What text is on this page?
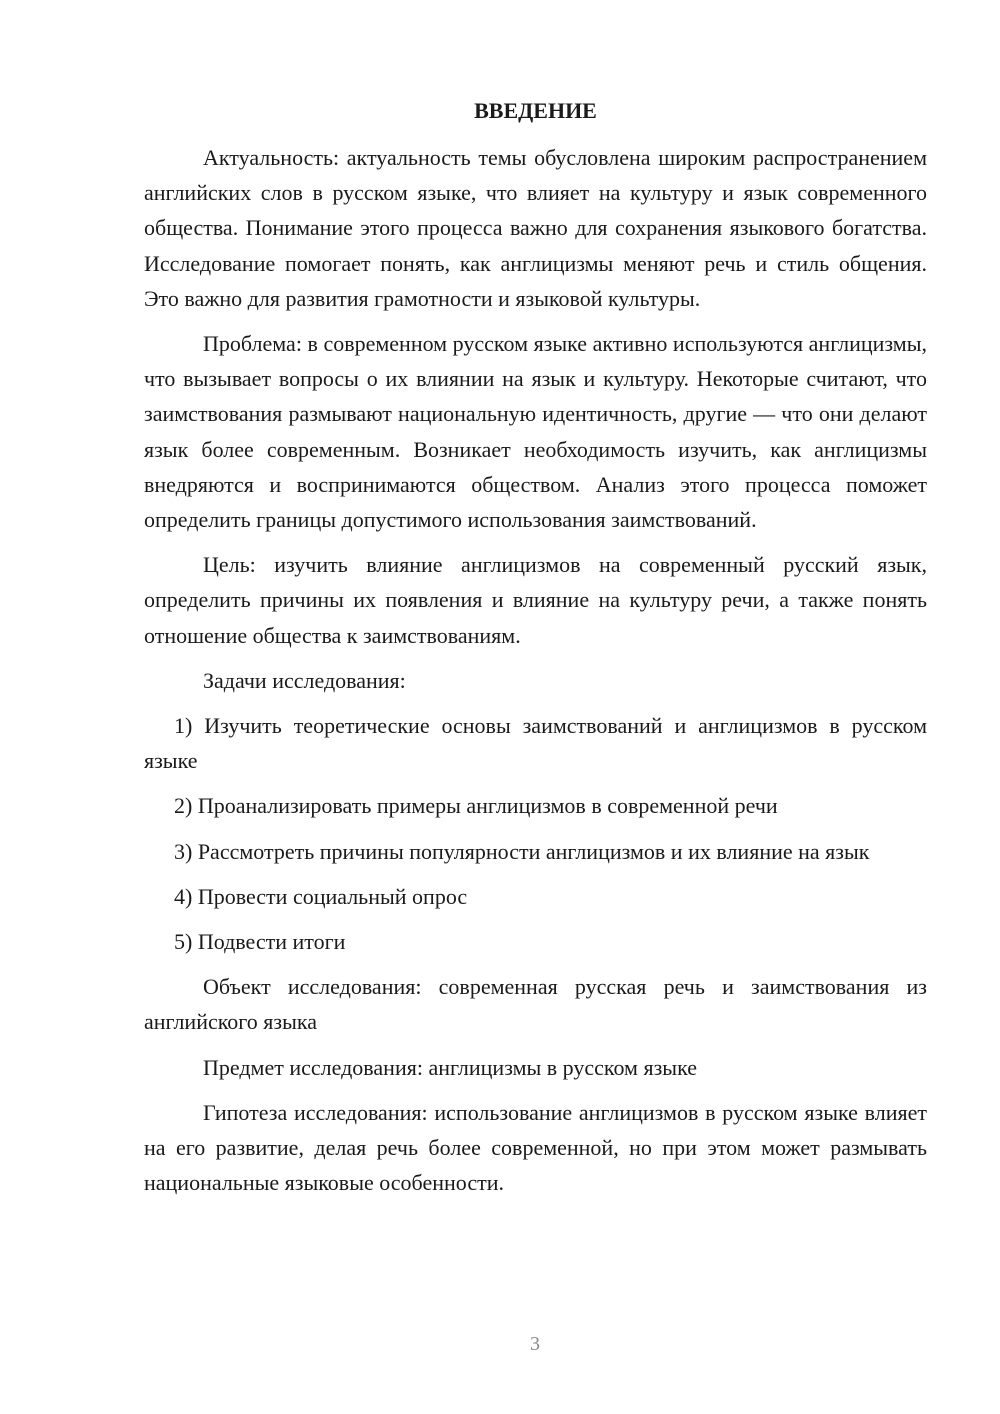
ВВЕДЕНИЕ

Актуальность: актуальность темы обусловлена широким распространением английских слов в русском языке, что влияет на культуру и язык современного общества. Понимание этого процесса важно для сохранения языкового богатства. Исследование помогает понять, как англицизмы меняют речь и стиль общения. Это важно для развития грамотности и языковой культуры.

Проблема: в современном русском языке активно используются англицизмы, что вызывает вопросы о их влиянии на язык и культуру. Некоторые считают, что заимствования размывают национальную идентичность, другие — что они делают язык более современным. Возникает необходимость изучить, как англицизмы внедряются и воспринимаются обществом. Анализ этого процесса поможет определить границы допустимого использования заимствований.

Цель: изучить влияние англицизмов на современный русский язык, определить причины их появления и влияние на культуру речи, а также понять отношение общества к заимствованиям.

Задачи исследования:

1) Изучить теоретические основы заимствований и англицизмов в русском языке

2) Проанализировать примеры англицизмов в современной речи

3) Рассмотреть причины популярности англицизмов и их влияние на язык

4) Провести социальный опрос

5) Подвести итоги

Объект исследования: современная русская речь и заимствования из английского языка

Предмет исследования: англицизмы в русском языке

Гипотеза исследования: использование англицизмов в русском языке влияет на его развитие, делая речь более современной, но при этом может размывать национальные языковые особенности.

3
